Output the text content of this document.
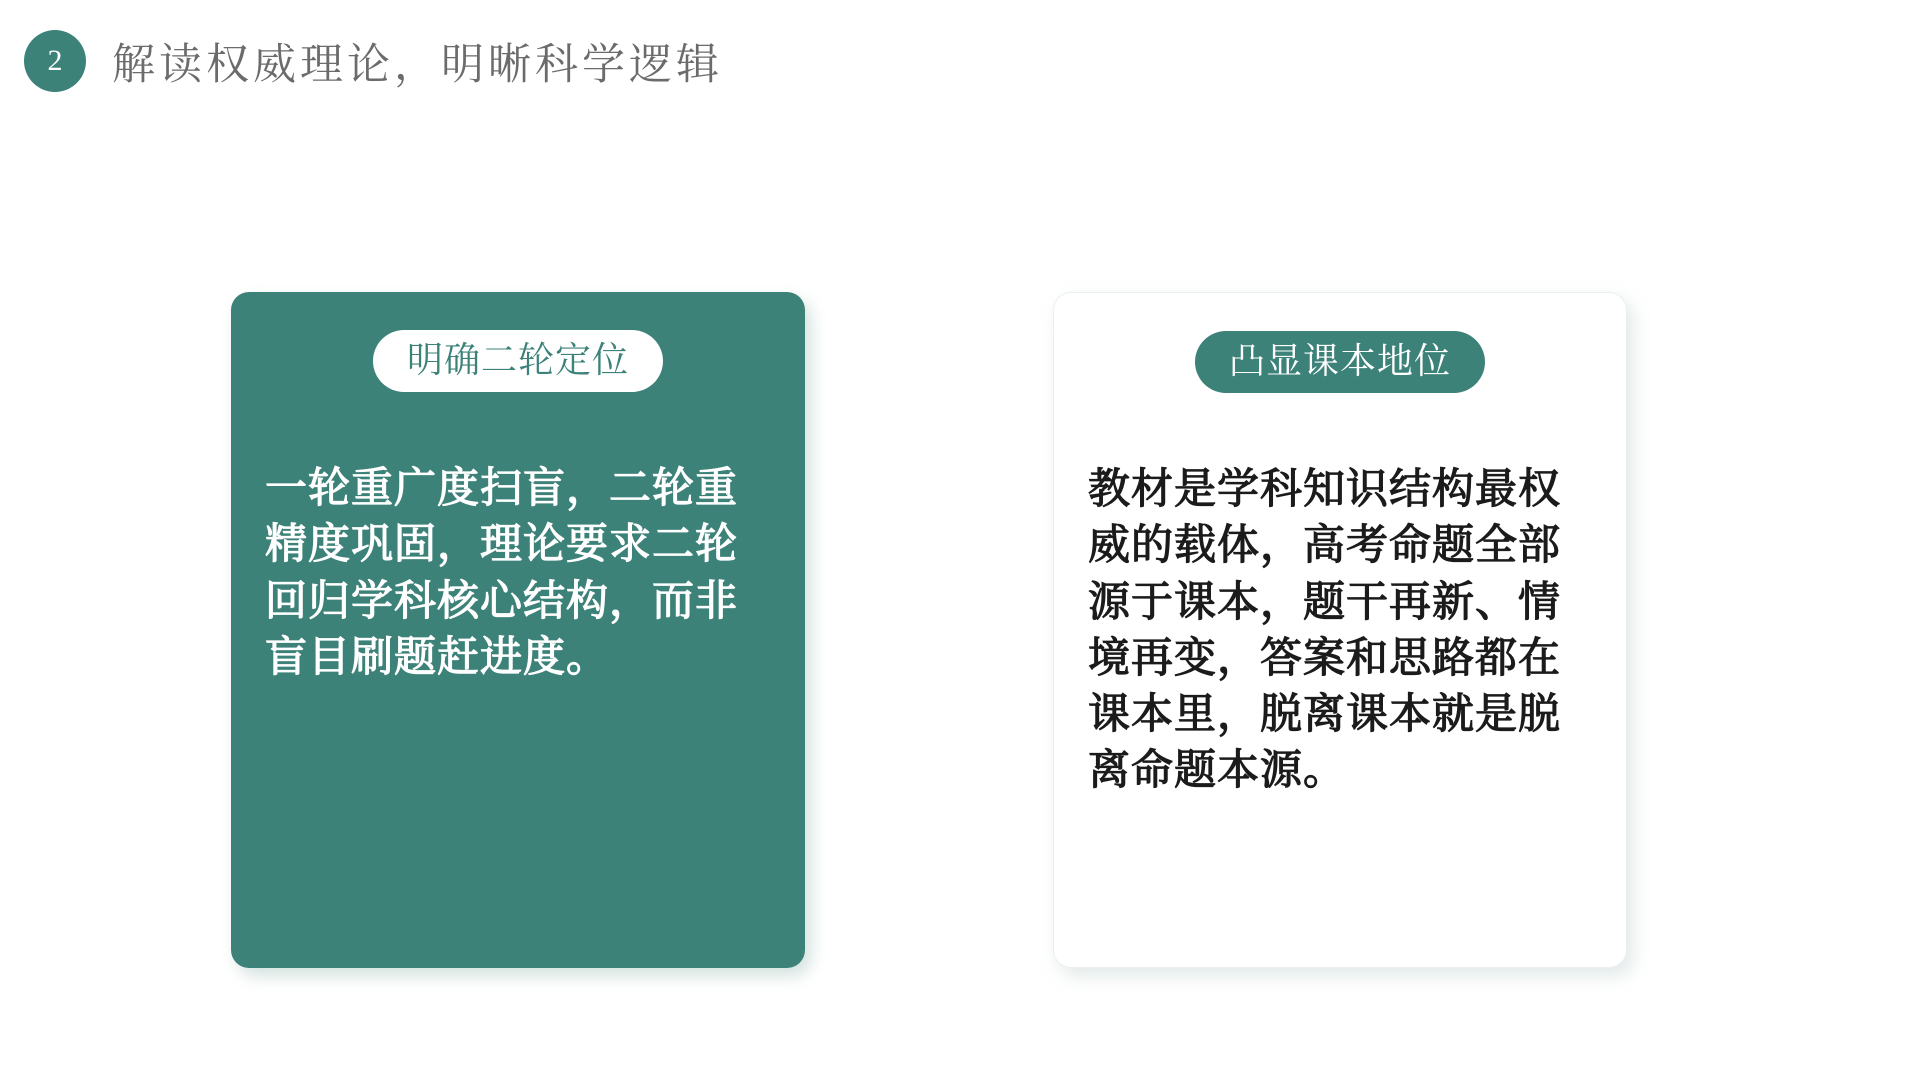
2	解读权威理论，明晰科学逻辑
明确二轮定位
一轮重广度扫盲，二轮重精度巩固，理论要求二轮回归学科核心结构，而非盲目刷题赶进度。
凸显课本地位
教材是学科知识结构最权威的载体，高考命题全部源于课本，题干再新、情境再变，答案和思路都在课本里，脱离课本就是脱离命题本源。
